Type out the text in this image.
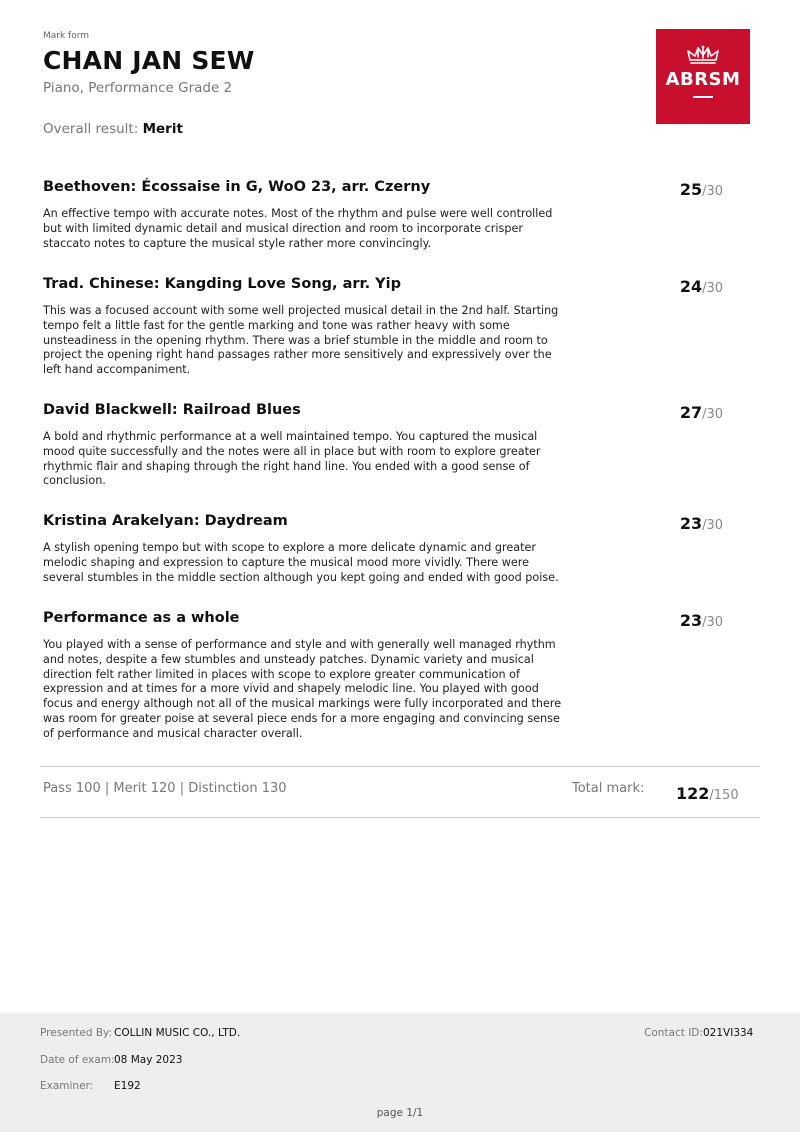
Mark form
CHAN JAN SEW
Piano, Performance Grade 2
Overall result: Merit
ABRSM
Beethoven: Écossaise in G, WoO 23, arr. Czerny	25/30
An effective tempo with accurate notes. Most of the rhythm and pulse were well controlled but with limited dynamic detail and musical direction and room to incorporate crisper staccato notes to capture the musical style rather more convincingly.
Trad. Chinese: Kangding Love Song, arr. Yip	24/30
This was a focused account with some well projected musical detail in the 2nd half. Starting tempo felt a little fast for the gentle marking and tone was rather heavy with some unsteadiness in the opening rhythm. There was a brief stumble in the middle and room to project the opening right hand passages rather more sensitively and expressively over the left hand accompaniment.
David Blackwell: Railroad Blues	27/30
A bold and rhythmic performance at a well maintained tempo. You captured the musical mood quite successfully and the notes were all in place but with room to explore greater rhythmic flair and shaping through the right hand line. You ended with a good sense of conclusion.
Kristina Arakelyan: Daydream	23/30
A stylish opening tempo but with scope to explore a more delicate dynamic and greater melodic shaping and expression to capture the musical mood more vividly. There were several stumbles in the middle section although you kept going and ended with good poise.
Performance as a whole	23/30
You played with a sense of performance and style and with generally well managed rhythm and notes, despite a few stumbles and unsteady patches. Dynamic variety and musical direction felt rather limited in places with scope to explore greater communication of expression and at times for a more vivid and shapely melodic line. You played with good focus and energy although not all of the musical markings were fully incorporated and there was room for greater poise at several piece ends for a more engaging and convincing sense of performance and musical character overall.
Pass 100 | Merit 120 | Distinction 130	Total mark: 122/150
Presented By: COLLIN MUSIC CO., LTD.
Date of exam: 08 May 2023
Examiner: E192
Contact ID: 021VI334
page 1/1
